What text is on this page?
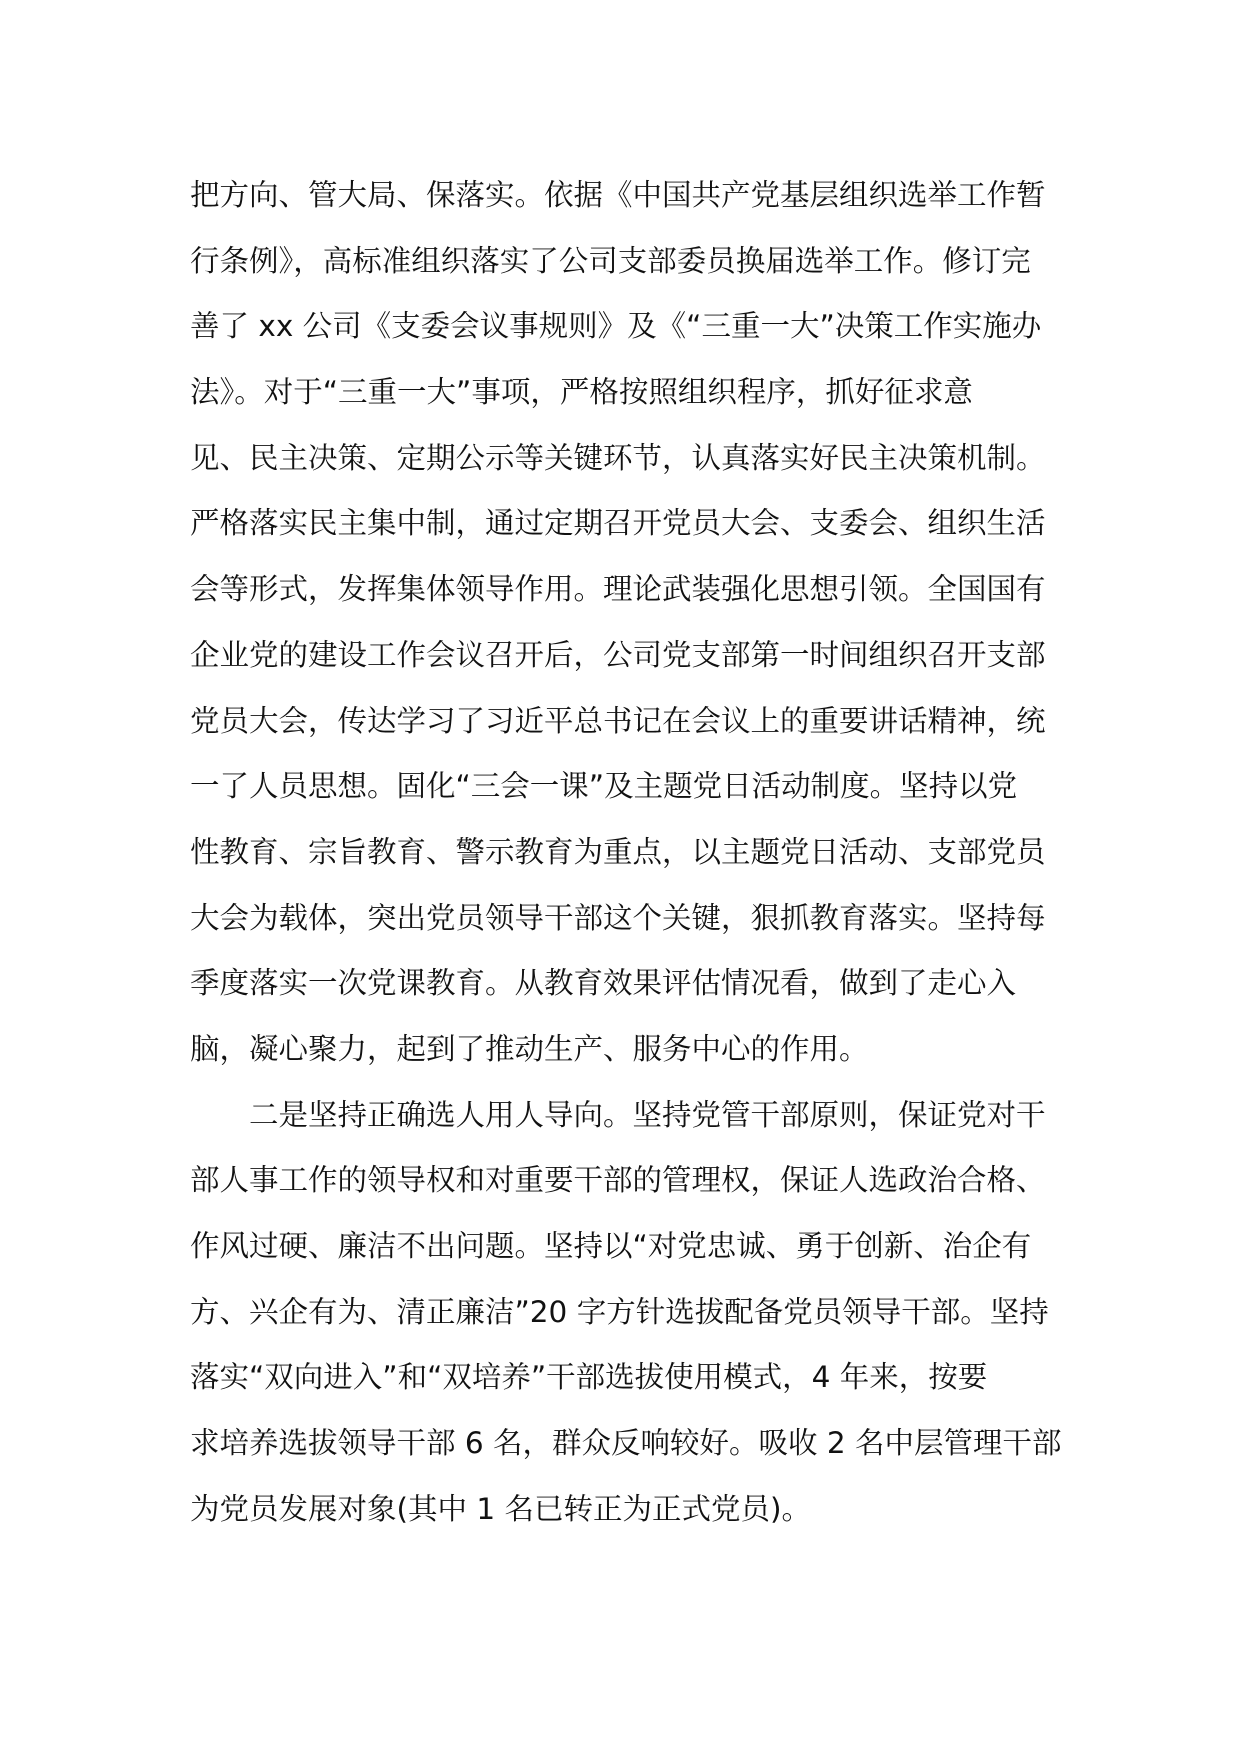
把方向、管大局、保落实。依据《中国共产党基层组织选举工作暂
行条例》，高标准组织落实了公司支部委员换届选举工作。修订完
善了 xx 公司《支委会议事规则》及《“三重一大”决策工作实施办
法》。对于“三重一大”事项，严格按照组织程序，抓好征求意
见、民主决策、定期公示等关键环节，认真落实好民主决策机制。
严格落实民主集中制，通过定期召开党员大会、支委会、组织生活
会等形式，发挥集体领导作用。理论武装强化思想引领。全国国有
企业党的建设工作会议召开后，公司党支部第一时间组织召开支部
党员大会，传达学习了习近平总书记在会议上的重要讲话精神，统
一了人员思想。固化“三会一课”及主题党日活动制度。坚持以党
性教育、宗旨教育、警示教育为重点，以主题党日活动、支部党员
大会为载体，突出党员领导干部这个关键，狠抓教育落实。坚持每
季度落实一次党课教育。从教育效果评估情况看，做到了走心入
脑，凝心聚力，起到了推动生产、服务中心的作用。
二是坚持正确选人用人导向。坚持党管干部原则，保证党对干
部人事工作的领导权和对重要干部的管理权，保证人选政治合格、
作风过硬、廉洁不出问题。坚持以“对党忠诚、勇于创新、治企有
方、兴企有为、清正廉洁”20 字方针选拔配备党员领导干部。坚持
落实“双向进入”和“双培养”干部选拔使用模式，4 年来，按要
求培养选拔领导干部 6 名，群众反响较好。吸收 2 名中层管理干部
为党员发展对象(其中 1 名已转正为正式党员)。
